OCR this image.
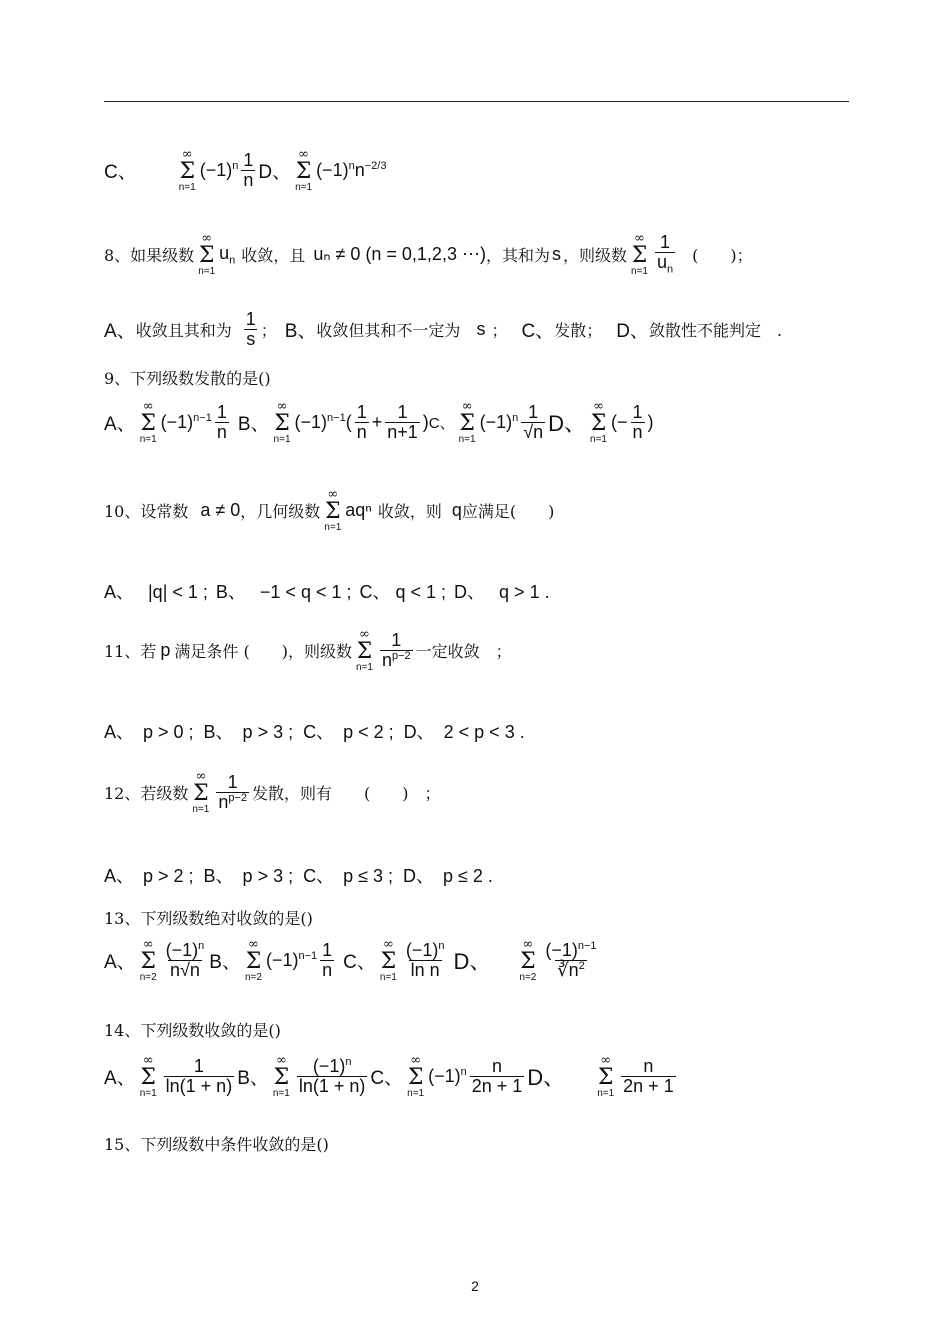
C、
∞
Σ
n=1
$(-1)^n \frac{1}{n}$ D、
∞
Σ
n=1
$(-1)^nn^{-2/3}$
8、如果级数
∞
Σ
n=1
$u_n$ 收敛，且 uₙ ≠ 0 (n = 0,1,2,3 ⋯) ，其和为 s ，则级数
∞
Σ
$n=1 \frac{1}{u_n}$ (　　)；
A、 收敛且其和为 $\frac{1}{s}$ ； B、 收敛但其和不一定为 s ； C、 发散； D、 敛散性不能判定　.
9、下列级数发散的是()
A、
∞
Σ
n=1
$(-1)^{n-1} \frac{1}{n}$ B、
∞
Σ
n=1
$(-1)^{n-1}( \frac{1}{n} + \frac{1}{n+1}$ ) C、
∞
Σ
n=1
$(-1)^n \frac{1}{√n}$ D、
∞
Σ
n=1
(− $\frac{1}{n}$ )
10、设常数 a ≠ 0 ，几何级数
∞
Σ
n=1
aqⁿ 收敛，则 q 应满足(　　)
A、　 |q| < 1 ; B、　 −1 < q < 1 ; C、 q < 1 ; D、　 q > 1 .
11、若 p 满足条件 (　　)，则级数
∞
Σ
$n=1 \frac{1}{n^{p-2}}$ 一定收敛　；
A、　p > 0 ; B、　p > 3 ; C、　p < 2 ; D、　2 < p < 3 .
12、若级数
∞
Σ
$n=1 \frac{1}{n^{p-2}}$ 发散，则有　　(　　)　；
A、　p > 2 ; B、　p > 3 ; C、　p ≤ 3 ; D、　p ≤ 2 .
13、下列级数绝对收敛的是()
A、
∞
Σ
$n=2 \frac{(-1)^n}{n√n}$ B、
∞
Σ
n=2
$(-1)^{n-1} \frac{1}{n}$ C、
∞
Σ
$n=1 \frac{(-1)^n}{\text{ln n}}$ D、
∞
Σ
$n=2 \frac{(-1)^{n-1}}{∛n^2}$
14、下列级数收敛的是()
A、
∞
Σ
$n=1 \frac{1}{\ln(1 + n)}$ B、
∞
Σ
$n=1 \frac{(-1)^n}{\ln(1 + n)}$ C、
∞
Σ
n=1
$(-1)^n \frac{n}{2n + 1}$ D、
∞
Σ
$n=1 \frac{n}{2n + 1}$
15、下列级数中条件收敛的是()
2
